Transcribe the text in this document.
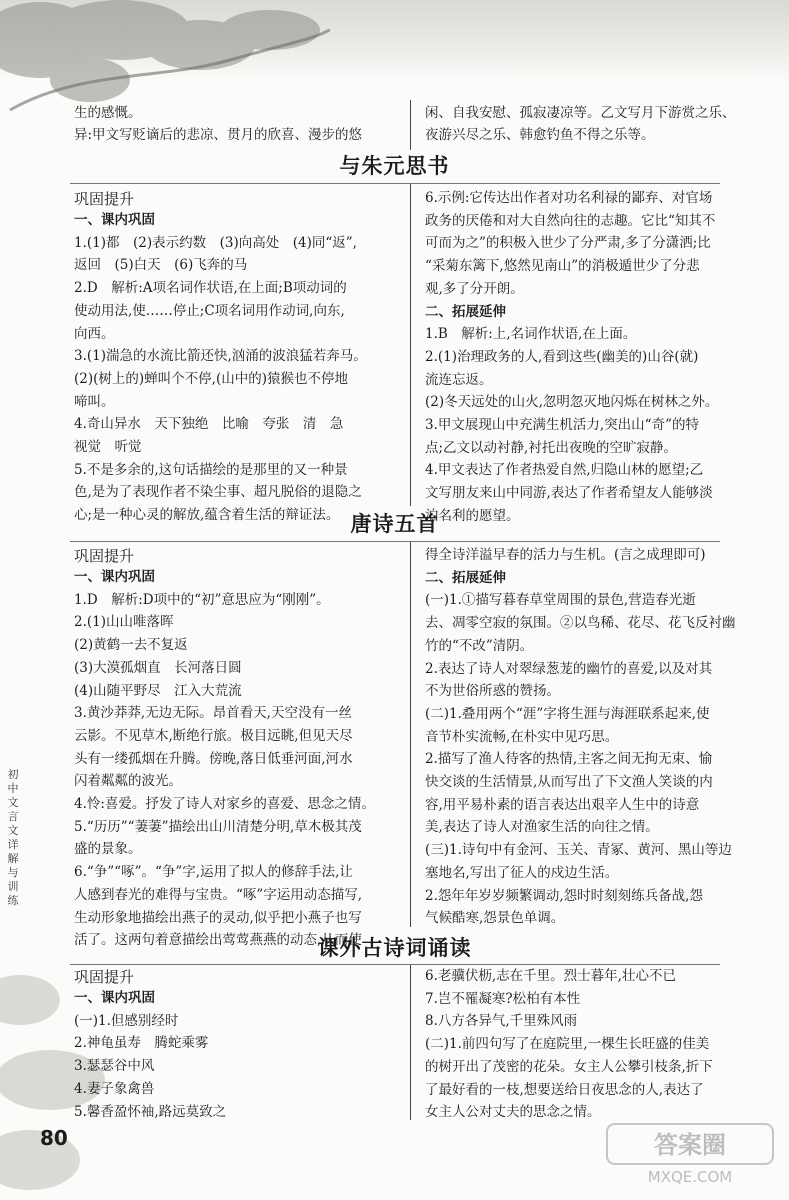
生的感慨。
异:甲文写贬谪后的悲凉、贯月的欣喜、漫步的悠
闲、自我安慰、孤寂凄凉等。乙文写月下游赏之乐、
夜游兴尽之乐、韩愈钓鱼不得之乐等。
与朱元思书
巩固提升
一、课内巩固
1.(1)都　(2)表示约数　(3)向高处　(4)同“返”,
返回　(5)白天　(6)飞奔的马
2.D　解析:A项名词作状语,在上面;B项动词的
使动用法,使……停止;C项名词用作动词,向东,
向西。
3.(1)湍急的水流比箭还快,汹涌的波浪猛若奔马。
(2)(树上的)蝉叫个不停,(山中的)猿猴也不停地
啼叫。
4.奇山异水　天下独绝　比喻　夸张　清　急
视觉　听觉
5.不是多余的,这句话描绘的是那里的又一种景
色,是为了表现作者不染尘事、超凡脱俗的退隐之
心;是一种心灵的解放,蕴含着生活的辩证法。
6.示例:它传达出作者对功名利禄的鄙弃、对官场
政务的厌倦和对大自然向往的志趣。它比“知其不
可而为之”的积极入世少了分严肃,多了分潇洒;比
“采菊东篱下,悠然见南山”的消极遁世少了分悲
观,多了分开朗。
二、拓展延伸
1.B　解析:上,名词作状语,在上面。
2.(1)治理政务的人,看到这些(幽美的)山谷(就)
流连忘返。
(2)冬天远处的山火,忽明忽灭地闪烁在树林之外。
3.甲文展现山中充满生机活力,突出山“奇”的特
点;乙文以动衬静,衬托出夜晚的空旷寂静。
4.甲文表达了作者热爱自然,归隐山林的愿望;乙
文写朋友来山中同游,表达了作者希望友人能够淡
泊名利的愿望。
唐诗五首
巩固提升
一、课内巩固
1.D　解析:D项中的“初”意思应为“刚刚”。
2.(1)山山唯落晖
(2)黄鹤一去不复返
(3)大漠孤烟直　长河落日圆
(4)山随平野尽　江入大荒流
3.黄沙莽莽,无边无际。昂首看天,天空没有一丝
云影。不见草木,断绝行旅。极目远眺,但见天尽
头有一缕孤烟在升腾。傍晚,落日低垂河面,河水
闪着粼粼的波光。
4.怜:喜爱。抒发了诗人对家乡的喜爱、思念之情。
5.“历历”“萋萋”描绘出山川清楚分明,草木极其茂
盛的景象。
6.“争”“啄”。“争”字,运用了拟人的修辞手法,让
人感到春光的难得与宝贵。“啄”字运用动态描写,
生动形象地描绘出燕子的灵动,似乎把小燕子也写
活了。这两句着意描绘出莺莺燕燕的动态,从而使
得全诗洋溢早春的活力与生机。(言之成理即可)
二、拓展延伸
(一)1.①描写暮春草堂周围的景色,营造春光逝
去、凋零空寂的氛围。②以鸟稀、花尽、花飞反衬幽
竹的“不改”清阴。
2.表达了诗人对翠绿葱茏的幽竹的喜爱,以及对其
不为世俗所惑的赞扬。
(二)1.叠用两个“涯”字将生涯与海涯联系起来,使
音节朴实流畅,在朴实中见巧思。
2.描写了渔人待客的热情,主客之间无拘无束、愉
快交谈的生活情景,从而写出了下文渔人笑谈的内
容,用平易朴素的语言表达出艰辛人生中的诗意
美,表达了诗人对渔家生活的向往之情。
(三)1.诗句中有金河、玉关、青冢、黄河、黑山等边
塞地名,写出了征人的戍边生活。
2.怨年年岁岁频繁调动,怨时时刻刻练兵备战,怨
气候酷寒,怨景色单调。
课外古诗词诵读
巩固提升
一、课内巩固
(一)1.但感别经时
2.神龟虽寿　腾蛇乘雾
3.瑟瑟谷中风
4.妻子象禽兽
5.馨香盈怀袖,路远莫致之
6.老骥伏枥,志在千里。烈士暮年,壮心不已
7.岂不罹凝寒?松柏有本性
8.八方各异气,千里殊风雨
(二)1.前四句写了在庭院里,一棵生长旺盛的佳美
的树开出了茂密的花朵。女主人公攀引枝条,折下
了最好看的一枝,想要送给日夜思念的人,表达了
女主人公对丈夫的思念之情。
初中文言文详解与训练
80	答案圈
MXQE.COM
